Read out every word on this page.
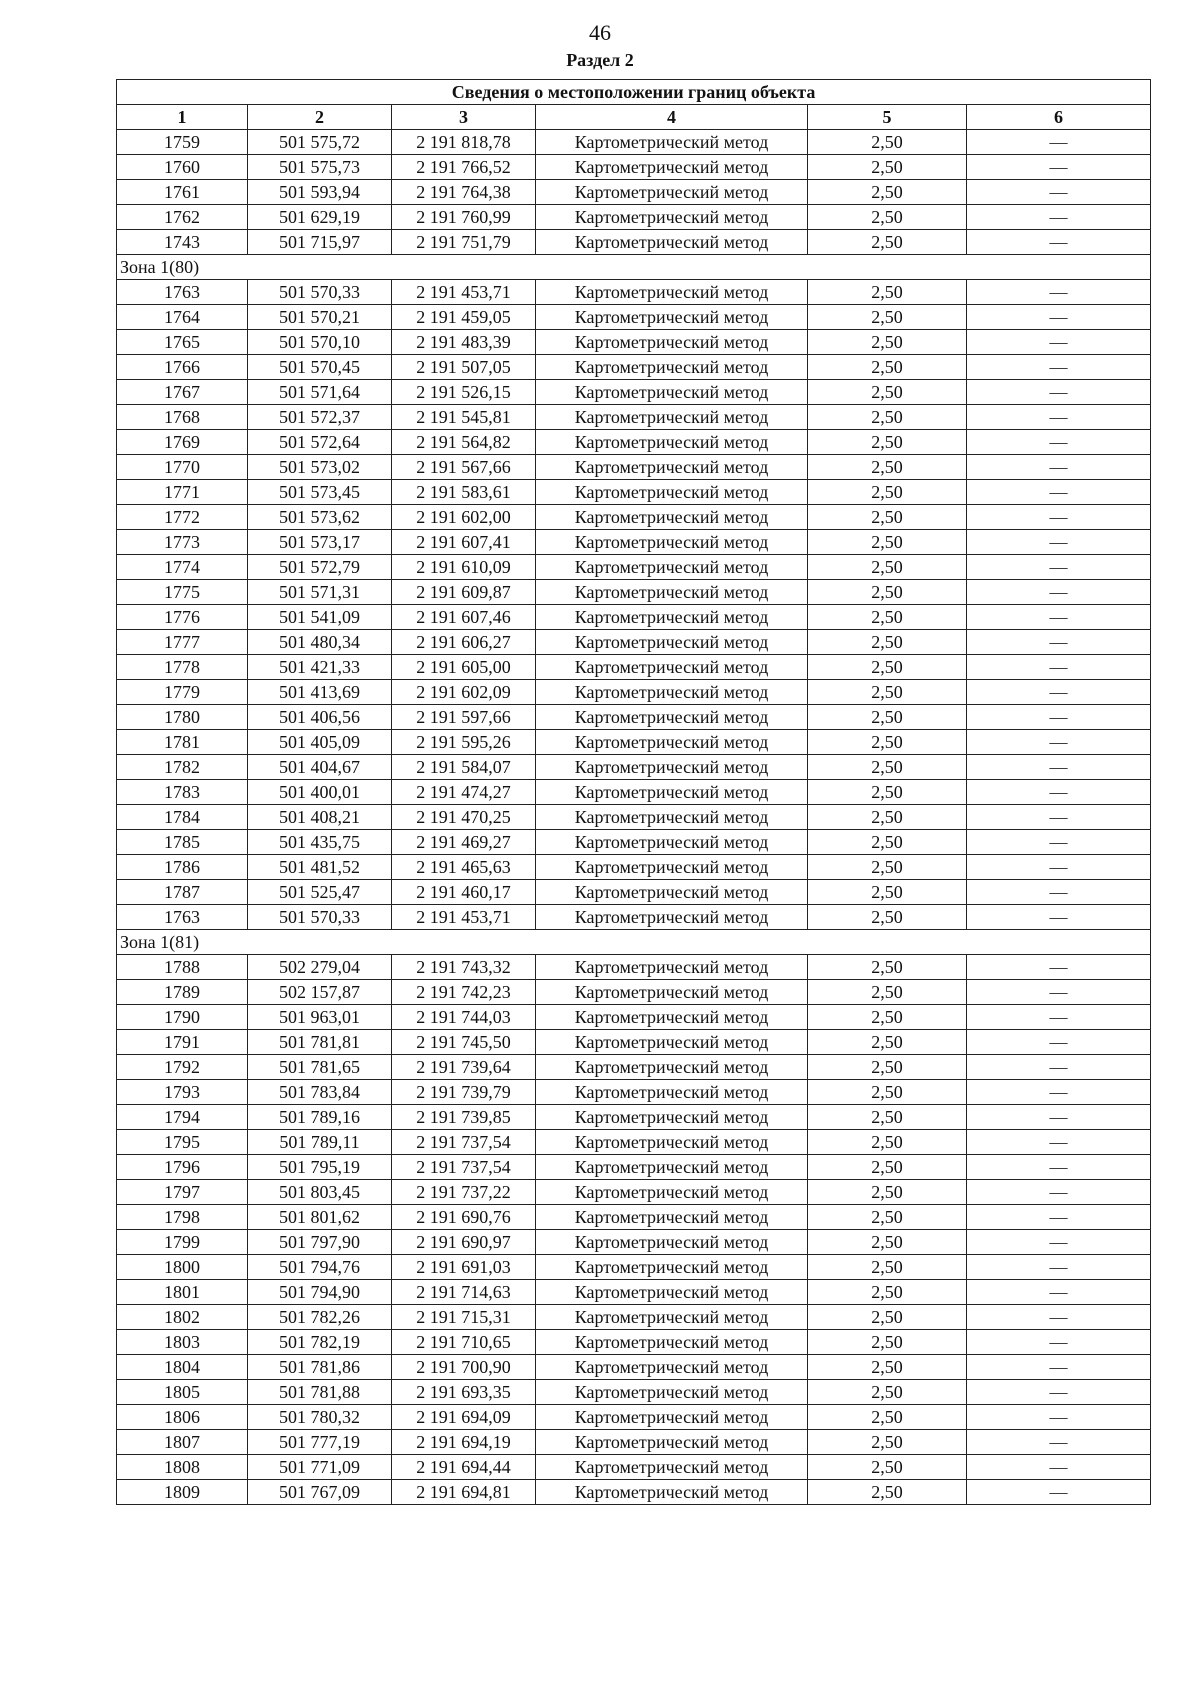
46
Раздел 2
Сведения о местоположении границ объекта					
1	2	3	4	5	6
1759	501 575,72	2 191 818,78	Картометрический метод	2,50	—
1760	501 575,73	2 191 766,52	Картометрический метод	2,50	—
1761	501 593,94	2 191 764,38	Картометрический метод	2,50	—
1762	501 629,19	2 191 760,99	Картометрический метод	2,50	—
1743	501 715,97	2 191 751,79	Картометрический метод	2,50	—
Зона 1(80)					
1763	501 570,33	2 191 453,71	Картометрический метод	2,50	—
1764	501 570,21	2 191 459,05	Картометрический метод	2,50	—
1765	501 570,10	2 191 483,39	Картометрический метод	2,50	—
1766	501 570,45	2 191 507,05	Картометрический метод	2,50	—
1767	501 571,64	2 191 526,15	Картометрический метод	2,50	—
1768	501 572,37	2 191 545,81	Картометрический метод	2,50	—
1769	501 572,64	2 191 564,82	Картометрический метод	2,50	—
1770	501 573,02	2 191 567,66	Картометрический метод	2,50	—
1771	501 573,45	2 191 583,61	Картометрический метод	2,50	—
1772	501 573,62	2 191 602,00	Картометрический метод	2,50	—
1773	501 573,17	2 191 607,41	Картометрический метод	2,50	—
1774	501 572,79	2 191 610,09	Картометрический метод	2,50	—
1775	501 571,31	2 191 609,87	Картометрический метод	2,50	—
1776	501 541,09	2 191 607,46	Картометрический метод	2,50	—
1777	501 480,34	2 191 606,27	Картометрический метод	2,50	—
1778	501 421,33	2 191 605,00	Картометрический метод	2,50	—
1779	501 413,69	2 191 602,09	Картометрический метод	2,50	—
1780	501 406,56	2 191 597,66	Картометрический метод	2,50	—
1781	501 405,09	2 191 595,26	Картометрический метод	2,50	—
1782	501 404,67	2 191 584,07	Картометрический метод	2,50	—
1783	501 400,01	2 191 474,27	Картометрический метод	2,50	—
1784	501 408,21	2 191 470,25	Картометрический метод	2,50	—
1785	501 435,75	2 191 469,27	Картометрический метод	2,50	—
1786	501 481,52	2 191 465,63	Картометрический метод	2,50	—
1787	501 525,47	2 191 460,17	Картометрический метод	2,50	—
1763	501 570,33	2 191 453,71	Картометрический метод	2,50	—
Зона 1(81)					
1788	502 279,04	2 191 743,32	Картометрический метод	2,50	—
1789	502 157,87	2 191 742,23	Картометрический метод	2,50	—
1790	501 963,01	2 191 744,03	Картометрический метод	2,50	—
1791	501 781,81	2 191 745,50	Картометрический метод	2,50	—
1792	501 781,65	2 191 739,64	Картометрический метод	2,50	—
1793	501 783,84	2 191 739,79	Картометрический метод	2,50	—
1794	501 789,16	2 191 739,85	Картометрический метод	2,50	—
1795	501 789,11	2 191 737,54	Картометрический метод	2,50	—
1796	501 795,19	2 191 737,54	Картометрический метод	2,50	—
1797	501 803,45	2 191 737,22	Картометрический метод	2,50	—
1798	501 801,62	2 191 690,76	Картометрический метод	2,50	—
1799	501 797,90	2 191 690,97	Картометрический метод	2,50	—
1800	501 794,76	2 191 691,03	Картометрический метод	2,50	—
1801	501 794,90	2 191 714,63	Картометрический метод	2,50	—
1802	501 782,26	2 191 715,31	Картометрический метод	2,50	—
1803	501 782,19	2 191 710,65	Картометрический метод	2,50	—
1804	501 781,86	2 191 700,90	Картометрический метод	2,50	—
1805	501 781,88	2 191 693,35	Картометрический метод	2,50	—
1806	501 780,32	2 191 694,09	Картометрический метод	2,50	—
1807	501 777,19	2 191 694,19	Картометрический метод	2,50	—
1808	501 771,09	2 191 694,44	Картометрический метод	2,50	—
1809	501 767,09	2 191 694,81	Картометрический метод	2,50	—
